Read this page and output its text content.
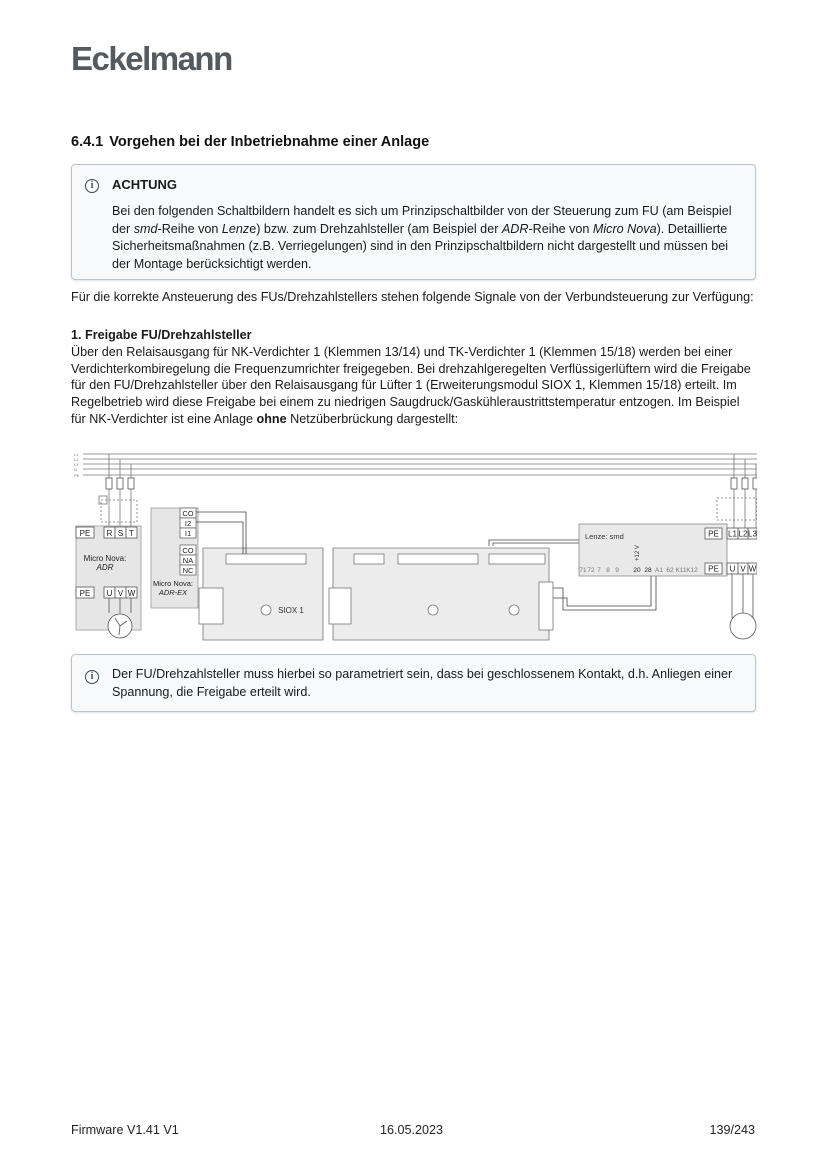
Eckelmann
6.4.1 Vorgehen bei der Inbetriebnahme einer Anlage
i	ACHTUNG
Bei den folgenden Schaltbildern handelt es sich um Prinzipschaltbilder von der Steuerung zum FU (am Beispiel der smd-Reihe von Lenze) bzw. zum Drehzahlsteller (am Beispiel der ADR-Reihe von Micro Nova). Detaillierte Sicherheitsmaßnahmen (z.B. Verriegelungen) sind in den Prinzipschaltbildern nicht dargestellt und müssen bei der Montage berücksichtigt werden.
Für die korrekte Ansteuerung des FUs/Drehzahlstellers stehen folgende Signale von der Verbundsteuerung zur Verfügung:
1. Freigabe FU/Drehzahlsteller
Über den Relaisausgang für NK-Verdichter 1 (Klemmen 13/14) und TK-Verdichter 1 (Klemmen 15/18) werden bei einer Verdichterkombiregelung die Frequenzumrichter freigegeben. Bei drehzahlgeregelten Verflüssigerlüftern wird die Freigabe für den FU/Drehzahlsteller über den Relaisausgang für Lüfter 1 (Erweiterungsmodul SIOX 1, Klemmen 15/18) erteilt. Im Regelbetrieb wird diese Freigabe bei einem zu niedrigen Saugdruck/Gaskühleraustrittstemperatur entzogen. Im Beispiel für NK-Verdichter ist eine Anlage ohne Netzüberbrückung dargestellt:
PE R S T
Micro Nova:
ADR
PE U V W
CO
I2
I1
CO
NA
NC
Micro Nova:
ADR-EX
SIOX 1
Lenze: smd
+12 V
71 72 7 8 9 20 28 A1 62 K11 K12
PE L1 L2 L3
PE U V W
L1
L2
L3
N
PE
i	Der FU/Drehzahlsteller muss hierbei so parametriert sein, dass bei geschlossenem Kontakt, d.h. Anliegen einer Spannung, die Freigabe erteilt wird.
Firmware V1.41 V1	16.05.2023	139/243
